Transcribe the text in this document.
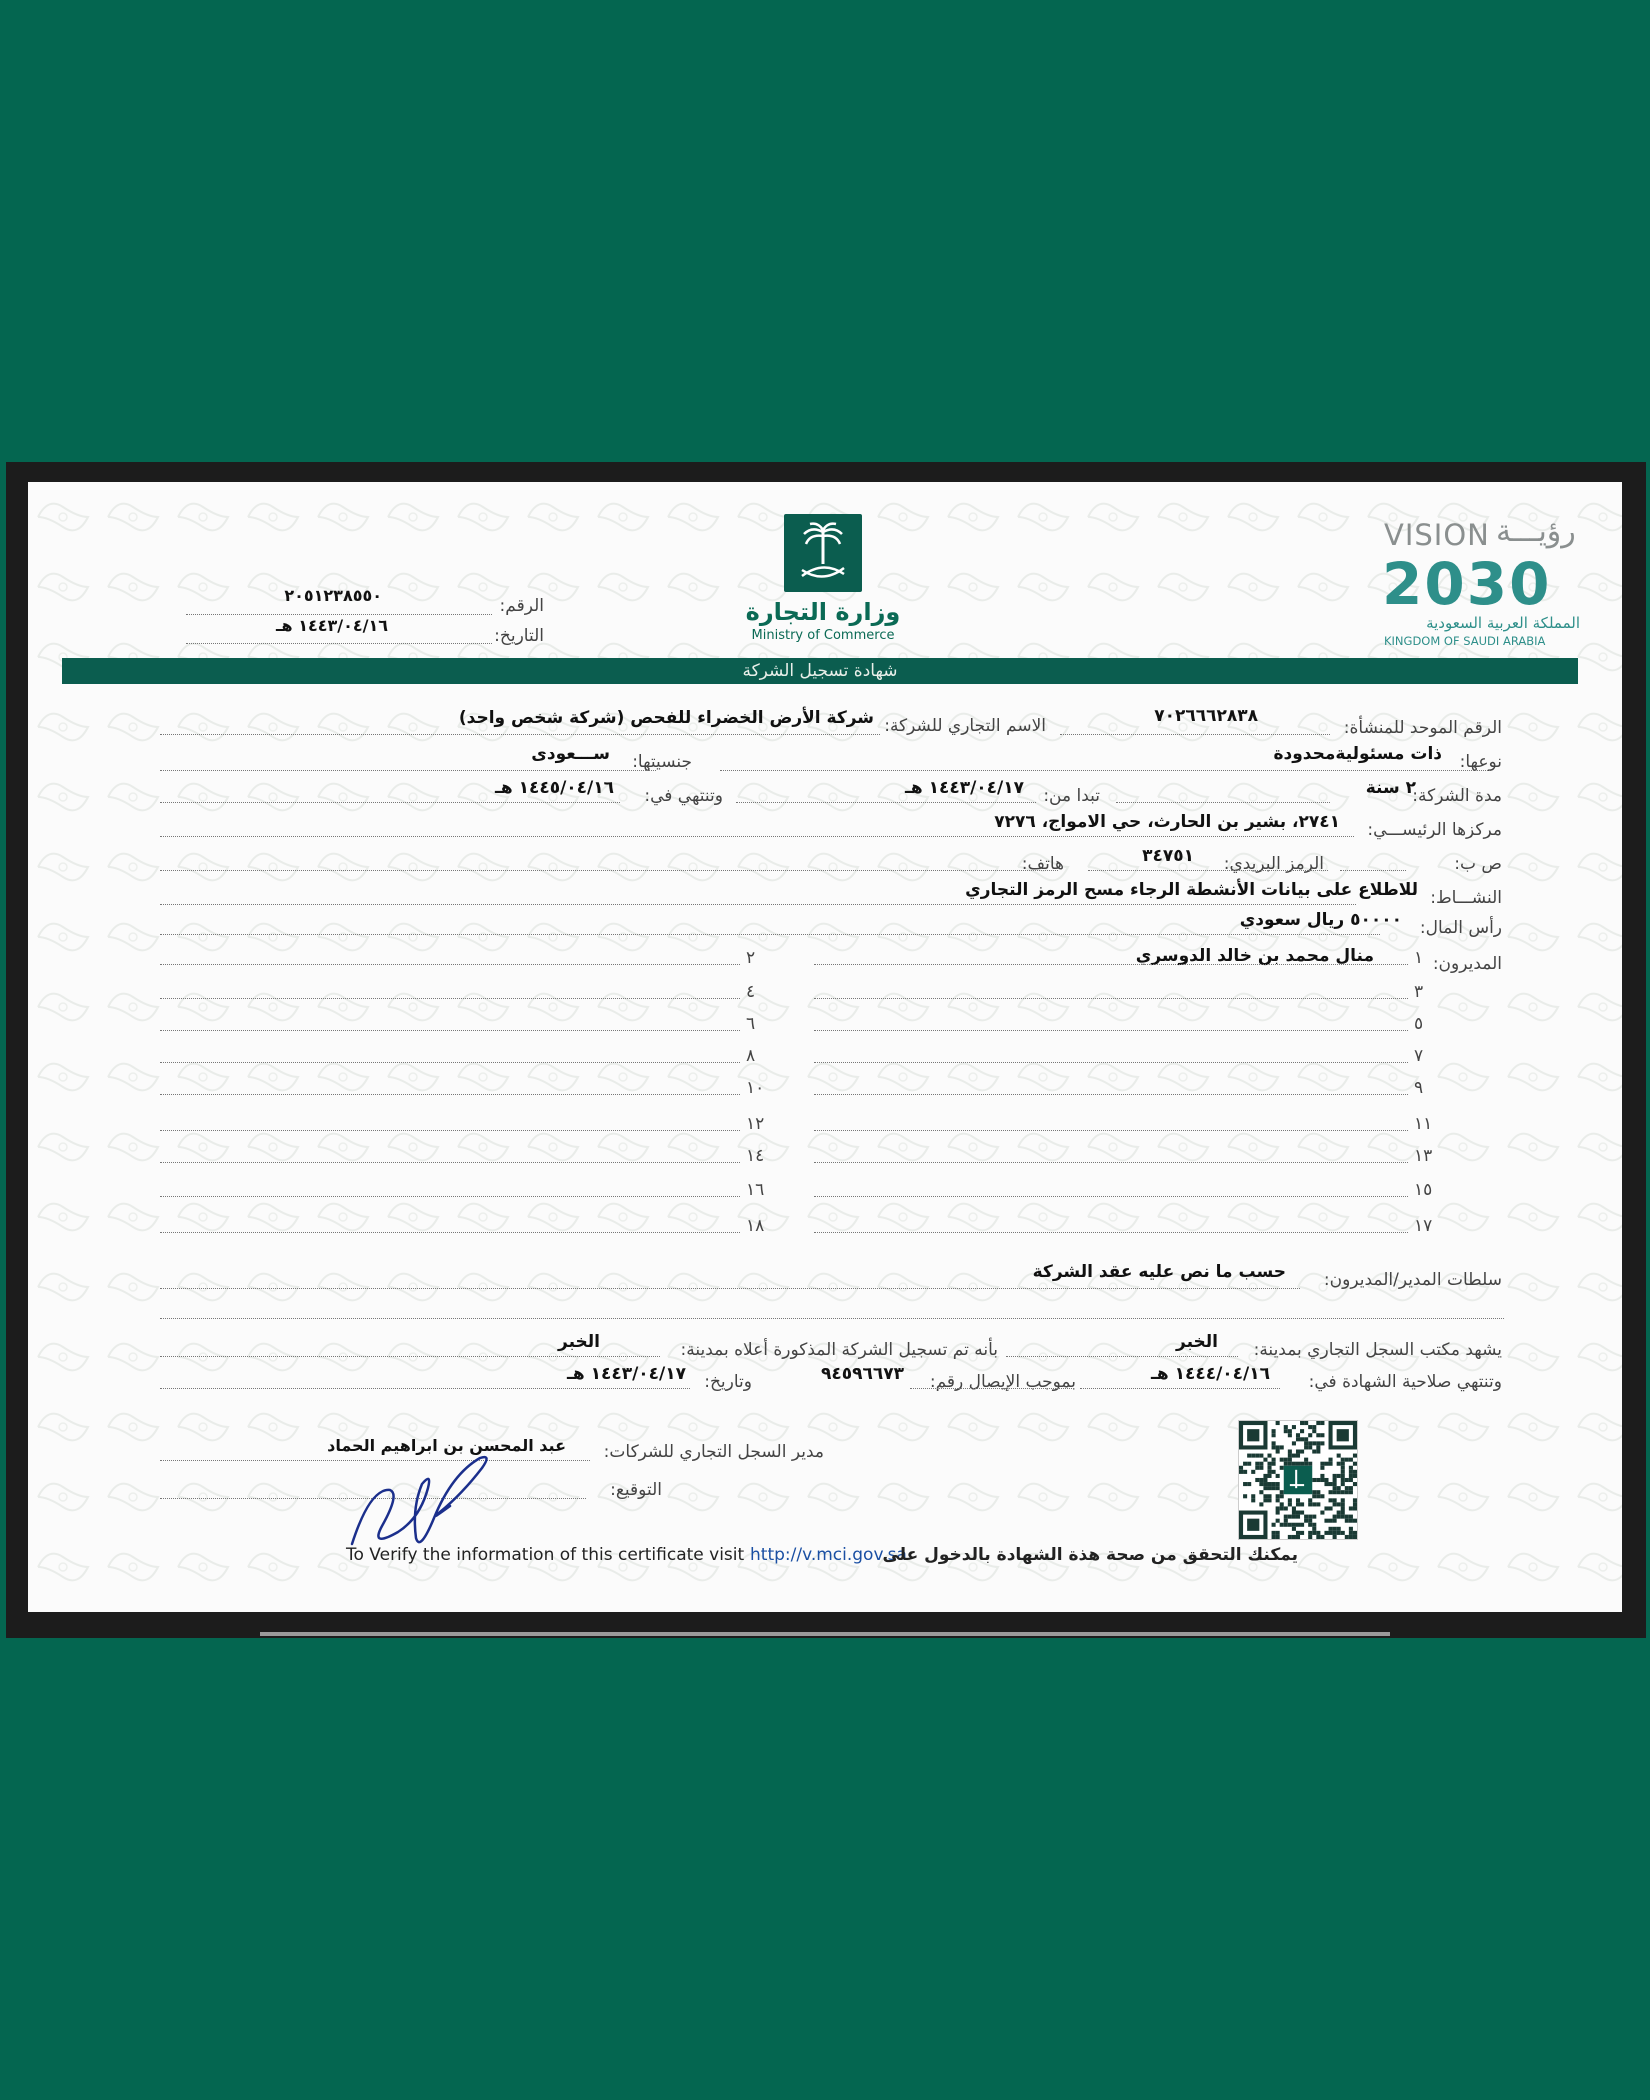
وزارة التجارة
Ministry of Commerce
VISION رؤيـــة
2030
المملكة العربية السعودية
KINGDOM OF SAUDI ARABIA
الرقم:
٢٠٥١٢٣٨٥٥٠
التاريخ:
١٤٤٣/٠٤/١٦ هـ
شهادة تسجيل الشركة
الرقم الموحد للمنشأة:
٧٠٢٦٦٦٢٨٣٨
الاسم التجاري للشركة:
شركة الأرض الخضراء للفحص (شركة شخص واحد)
نوعها:
ذات مسئوليةمحدودة
جنسيتها:
ســـعودى
مدة الشركة:
٢ سنة
تبدا من:
١٤٤٣/٠٤/١٧ هـ
وتنتهي في:
١٤٤٥/٠٤/١٦ هـ
مركزها الرئيســـي:
٢٧٤١، بشير بن الحارث، حي الامواج، ٧٢٧٦
ص ب:
الرمز البريدي:
٣٤٧٥١
هاتف:
النشـــاط:
للاطلاع على بيانات الأنشطة الرجاء مسح الرمز التجاري
رأس المال:
٥٠٠٠٠ ريال سعودي
المديرون:
منال محمد بن خالد الدوسري ١
٢
٣
٤
٥
٦
٧
٨
٩
١٠
١١
١٢
١٣
١٤
١٥
١٦
١٧
١٨
سلطات المدير/المديرون:
حسب ما نص عليه عقد الشركة
يشهد مكتب السجل التجاري بمدينة:
الخبر
بأنه تم تسجيل الشركة المذكورة أعلاه بمدينة:
الخبر
وتنتهي صلاحية الشهادة في:
١٤٤٤/٠٤/١٦ هـ
بموجب الإيصال رقم:
٩٤٥٩٦٦٧٣
وتاريخ:
١٤٤٣/٠٤/١٧ هـ
مدير السجل التجاري للشركات:
عبد المحسن بن ابراهيم الحماد
التوقيع:
To Verify the information of this certificate visit http://v.mci.gov.sa
يمكنك التحقق من صحة هذة الشهادة بالدخول على
